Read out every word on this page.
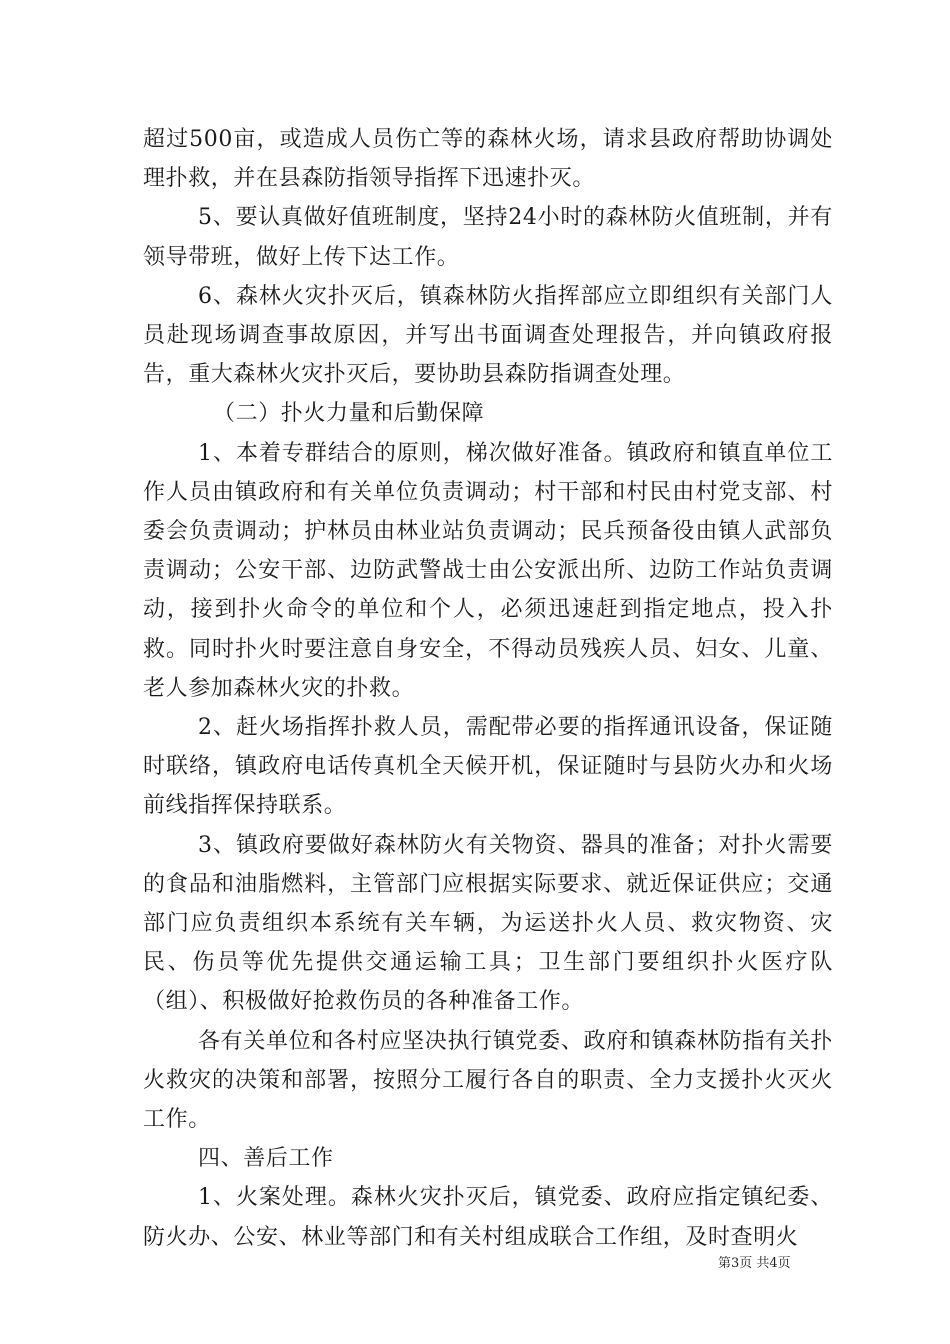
超过500亩，或造成人员伤亡等的森林火场，请求县政府帮助协调处理扑救，并在县森防指领导指挥下迅速扑灭。

5、要认真做好值班制度，坚持24小时的森林防火值班制，并有领导带班，做好上传下达工作。

6、森林火灾扑灭后，镇森林防火指挥部应立即组织有关部门人员赴现场调查事故原因，并写出书面调查处理报告，并向镇政府报告，重大森林火灾扑灭后，要协助县森防指调查处理。

（二）扑火力量和后勤保障

1、本着专群结合的原则，梯次做好准备。镇政府和镇直单位工作人员由镇政府和有关单位负责调动；村干部和村民由村党支部、村委会负责调动；护林员由林业站负责调动；民兵预备役由镇人武部负责调动；公安干部、边防武警战士由公安派出所、边防工作站负责调动，接到扑火命令的单位和个人，必须迅速赶到指定地点，投入扑救。同时扑火时要注意自身安全，不得动员残疾人员、妇女、儿童、老人参加森林火灾的扑救。

2、赶火场指挥扑救人员，需配带必要的指挥通讯设备，保证随时联络，镇政府电话传真机全天候开机，保证随时与县防火办和火场前线指挥保持联系。

3、镇政府要做好森林防火有关物资、器具的准备；对扑火需要的食品和油脂燃料，主管部门应根据实际要求、就近保证供应；交通部门应负责组织本系统有关车辆，为运送扑火人员、救灾物资、灾民、伤员等优先提供交通运输工具；卫生部门要组织扑火医疗队（组）、积极做好抢救伤员的各种准备工作。

各有关单位和各村应坚决执行镇党委、政府和镇森林防指有关扑火救灾的决策和部署，按照分工履行各自的职责、全力支援扑火灭火工作。

四、善后工作

1、火案处理。森林火灾扑灭后，镇党委、政府应指定镇纪委、防火办、公安、林业等部门和有关村组成联合工作组，及时查明火

第3页 共4页
